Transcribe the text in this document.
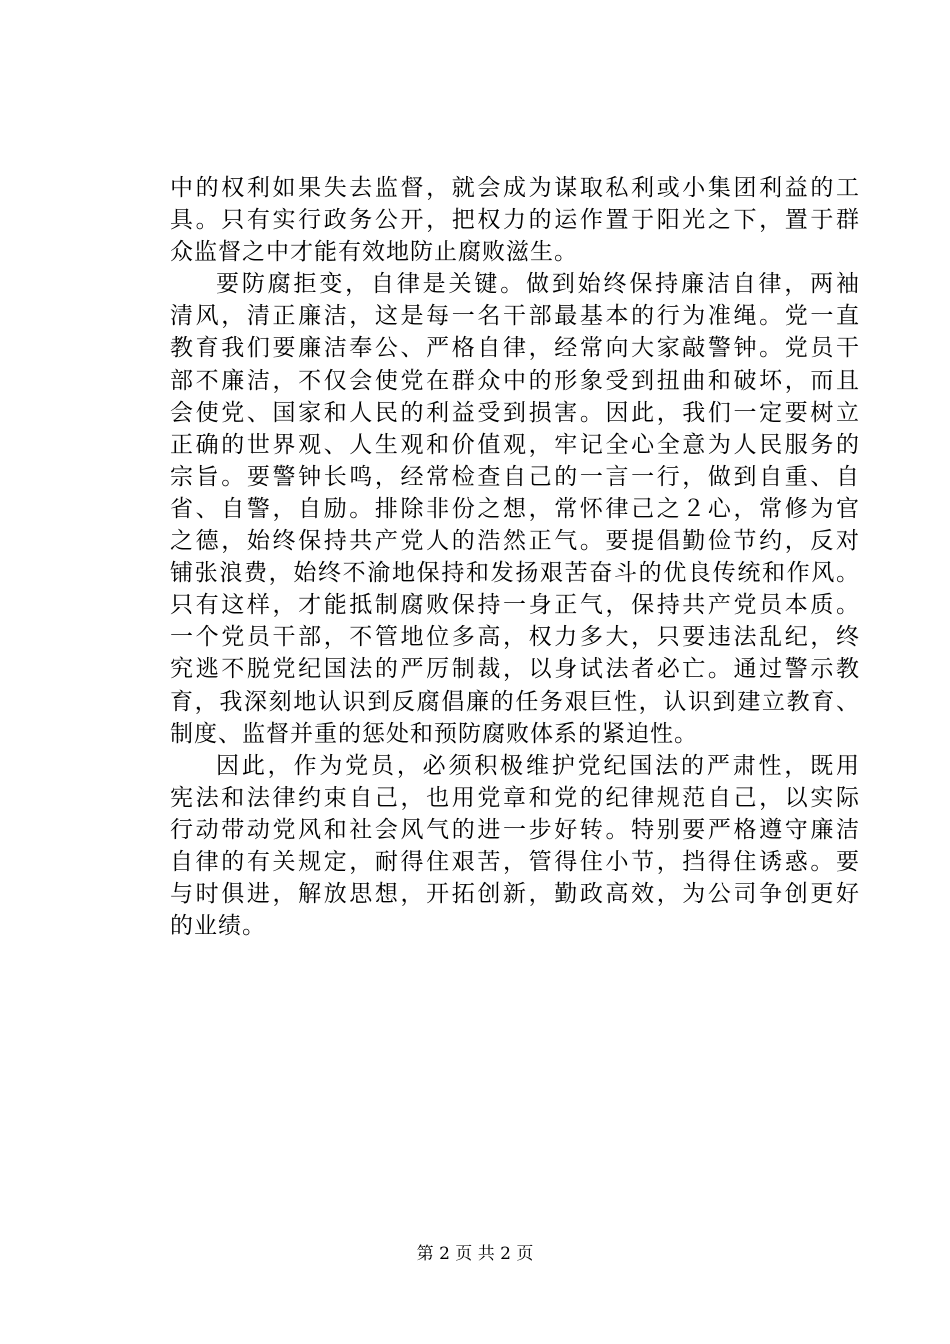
中的权利如果失去监督，就会成为谋取私利或小集团利益的工
具。只有实行政务公开，把权力的运作置于阳光之下，置于群
众监督之中才能有效地防止腐败滋生。
要防腐拒变，自律是关键。做到始终保持廉洁自律，两袖
清风，清正廉洁，这是每一名干部最基本的行为准绳。党一直
教育我们要廉洁奉公、严格自律，经常向大家敲警钟。党员干
部不廉洁，不仅会使党在群众中的形象受到扭曲和破坏，而且
会使党、国家和人民的利益受到损害。因此，我们一定要树立
正确的世界观、人生观和价值观，牢记全心全意为人民服务的
宗旨。要警钟长鸣，经常检查自己的一言一行，做到自重、自
省、自警，自励。排除非份之想，常怀律己之２心，常修为官
之德，始终保持共产党人的浩然正气。要提倡勤俭节约，反对
铺张浪费，始终不渝地保持和发扬艰苦奋斗的优良传统和作风。
只有这样，才能抵制腐败保持一身正气，保持共产党员本质。
一个党员干部，不管地位多高，权力多大，只要违法乱纪，终
究逃不脱党纪国法的严厉制裁，以身试法者必亡。通过警示教
育，我深刻地认识到反腐倡廉的任务艰巨性，认识到建立教育、
制度、监督并重的惩处和预防腐败体系的紧迫性。
因此，作为党员，必须积极维护党纪国法的严肃性，既用
宪法和法律约束自己，也用党章和党的纪律规范自己，以实际
行动带动党风和社会风气的进一步好转。特别要严格遵守廉洁
自律的有关规定，耐得住艰苦，管得住小节，挡得住诱惑。要
与时俱进，解放思想，开拓创新，勤政高效，为公司争创更好
的业绩。
第 2 页 共 2 页
